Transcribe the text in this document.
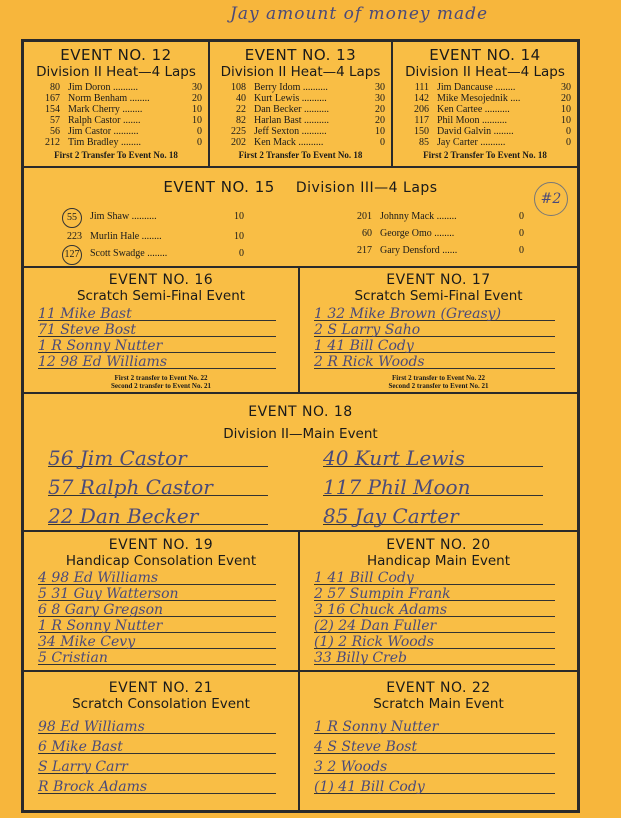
Jay amount of money made
EVENT NO. 12
Division II Heat—4 Laps
80 Jim Doron ..........	30
167 Norm Benham ........	20
154 Mark Cherry ........	10
57 Ralph Castor .......	10
56 Jim Castor ..........	0
212 Tim Bradley ........	0
First 2 Transfer To Event No. 18
EVENT NO. 13
Division II Heat—4 Laps
108 Berry Idom ..........	30
40 Kurt Lewis ..........	30
22 Dan Becker ..........	20
82 Harlan Bast ..........	20
225 Jeff Sexton ..........	10
202 Ken Mack ..........	0
First 2 Transfer To Event No. 18
EVENT NO. 14
Division II Heat—4 Laps
111 Jim Dancause ........	30
142 Mike Mesojednik ....	20
206 Ken Cartee ..........	10
117 Phil Moon ..........	10
150 David Galvin ........	0
85 Jay Carter ..........	0
First 2 Transfer To Event No. 18
EVENT NO. 15 Division III—4 Laps
#2
55	Jim Shaw ..........	10
223 Murlin Hale ........	10
127 Scott Swadge ........	0
201 Johnny Mack ........	0
60 George Omo ........	0
217 Gary Densford ......	0
EVENT NO. 16
Scratch Semi-Final Event
11 Mike Bast
71 Steve Bost
1 R Sonny Nutter
12 98 Ed Williams
First 2 transfer to Event No. 22
Second 2 transfer to Event No. 21
EVENT NO. 17
Scratch Semi-Final Event
1 32 Mike Brown (Greasy)
2 S Larry Saho
1 41 Bill Cody
2 R Rick Woods
First 2 transfer to Event No. 22
Second 2 transfer to Event No. 21
EVENT NO. 18
Division II—Main Event
56 Jim Castor
57 Ralph Castor
22 Dan Becker
40 Kurt Lewis
117 Phil Moon
85 Jay Carter
EVENT NO. 19
Handicap Consolation Event
4 98 Ed Williams
5 31 Guy Watterson
6 8 Gary Gregson
1 R Sonny Nutter
34 Mike Cevy
5 Cristian
EVENT NO. 20
Handicap Main Event
1 41 Bill Cody
2 57 Sumpin Frank
3 16 Chuck Adams
(2) 24 Dan Fuller
(1) 2 Rick Woods
33 Billy Creb
EVENT NO. 21
Scratch Consolation Event
98 Ed Williams
6 Mike Bast
S Larry Carr
R Brock Adams
EVENT NO. 22
Scratch Main Event
1 R Sonny Nutter
4 S Steve Bost
3 2 Woods
(1) 41 Bill Cody
